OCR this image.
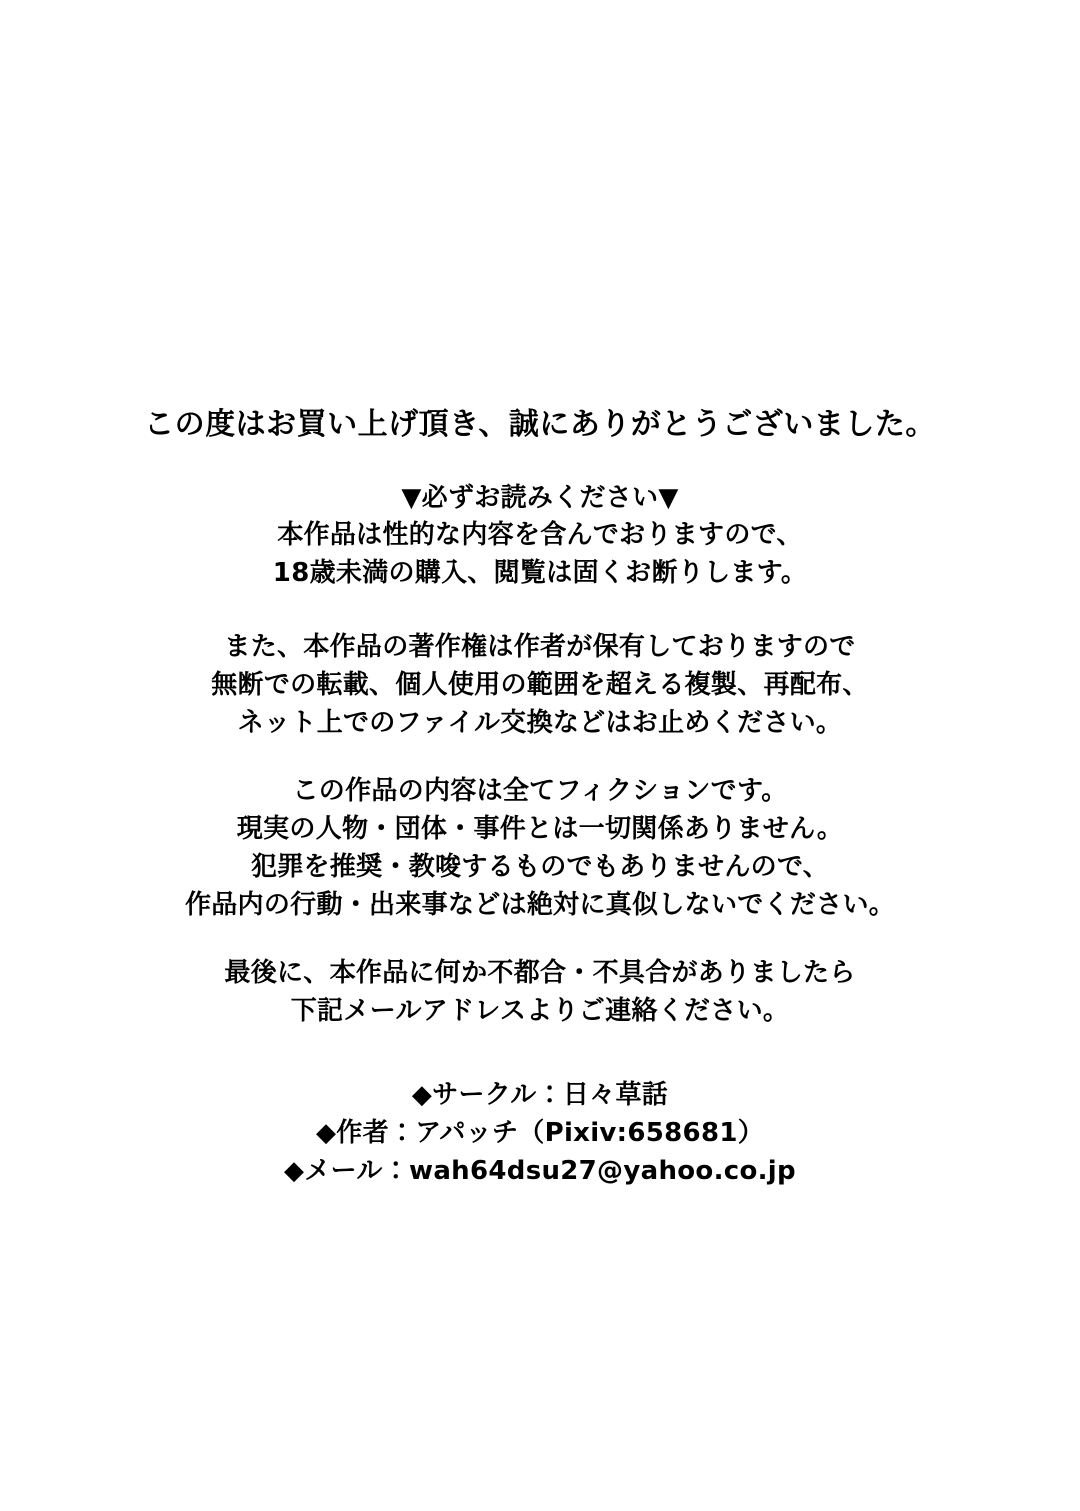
この度はお買い上げ頂き、誠にありがとうございました。

▼必ずお読みください▼
本作品は性的な内容を含んでおりますので、
18歳未満の購入、閲覧は固くお断りします。

また、本作品の著作権は作者が保有しておりますので
無断での転載、個人使用の範囲を超える複製、再配布、
ネット上でのファイル交換などはお止めください。

この作品の内容は全てフィクションです。
現実の人物・団体・事件とは一切関係ありません。
犯罪を推奨・教唆するものでもありませんので、
作品内の行動・出来事などは絶対に真似しないでください。

最後に、本作品に何か不都合・不具合がありましたら
下記メールアドレスよりご連絡ください。

◆サークル：日々草話
◆作者：アパッチ（Pixiv:658681）
◆メール：wah64dsu27@yahoo.co.jp
